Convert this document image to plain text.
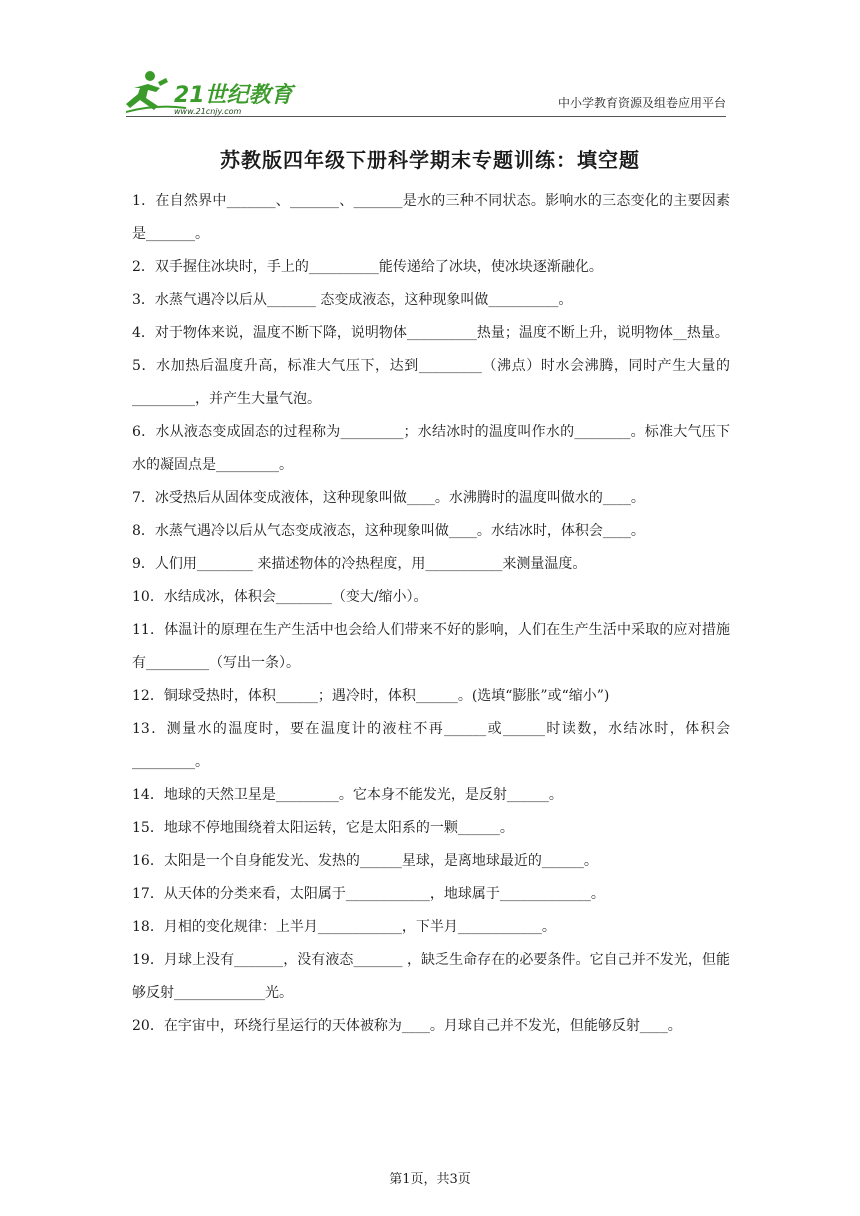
21世纪教育
www.21cnjy.com
中小学教育资源及组卷应用平台
苏教版四年级下册科学期末专题训练：填空题

1．在自然界中_______、_______、_______是水的三种不同状态。影响水的三态变化的主要因素是_______。

2．双手握住冰块时，手上的__________能传递给了冰块，使冰块逐渐融化。

3．水蒸气遇冷以后从_______ 态变成液态，这种现象叫做__________。

4．对于物体来说，温度不断下降，说明物体__________热量；温度不断上升，说明物体__热量。

5．水加热后温度升高，标准大气压下，达到_________（沸点）时水会沸腾，同时产生大量的_________，并产生大量气泡。

6．水从液态变成固态的过程称为_________；水结冰时的温度叫作水的________。标准大气压下水的凝固点是_________。

7．冰受热后从固体变成液体，这种现象叫做____。水沸腾时的温度叫做水的____。

8．水蒸气遇冷以后从气态变成液态，这种现象叫做____。水结冰时，体积会____。

9．人们用________ 来描述物体的冷热程度，用___________来测量温度。

10．水结成冰，体积会________（变大/缩小）。

11．体温计的原理在生产生活中也会给人们带来不好的影响，人们在生产生活中采取的应对措施有_________（写出一条）。

12．铜球受热时，体积______；遇冷时，体积______。(选填“膨胀”或“缩小”)

13．测量水的温度时，要在温度计的液柱不再______或______时读数，水结冰时，体积会_________。

14．地球的天然卫星是_________。它本身不能发光，是反射______。

15．地球不停地围绕着太阳运转，它是太阳系的一颗______。

16．太阳是一个自身能发光、发热的______星球，是离地球最近的______。

17．从天体的分类来看，太阳属于____________，地球属于_____________。

18．月相的变化规律：上半月____________，下半月____________。

19．月球上没有_______，没有液态_______ ，缺乏生命存在的必要条件。它自己并不发光，但能够反射_____________光。

20．在宇宙中，环绕行星运行的天体被称为____。月球自己并不发光，但能够反射____。

第1页，共3页
